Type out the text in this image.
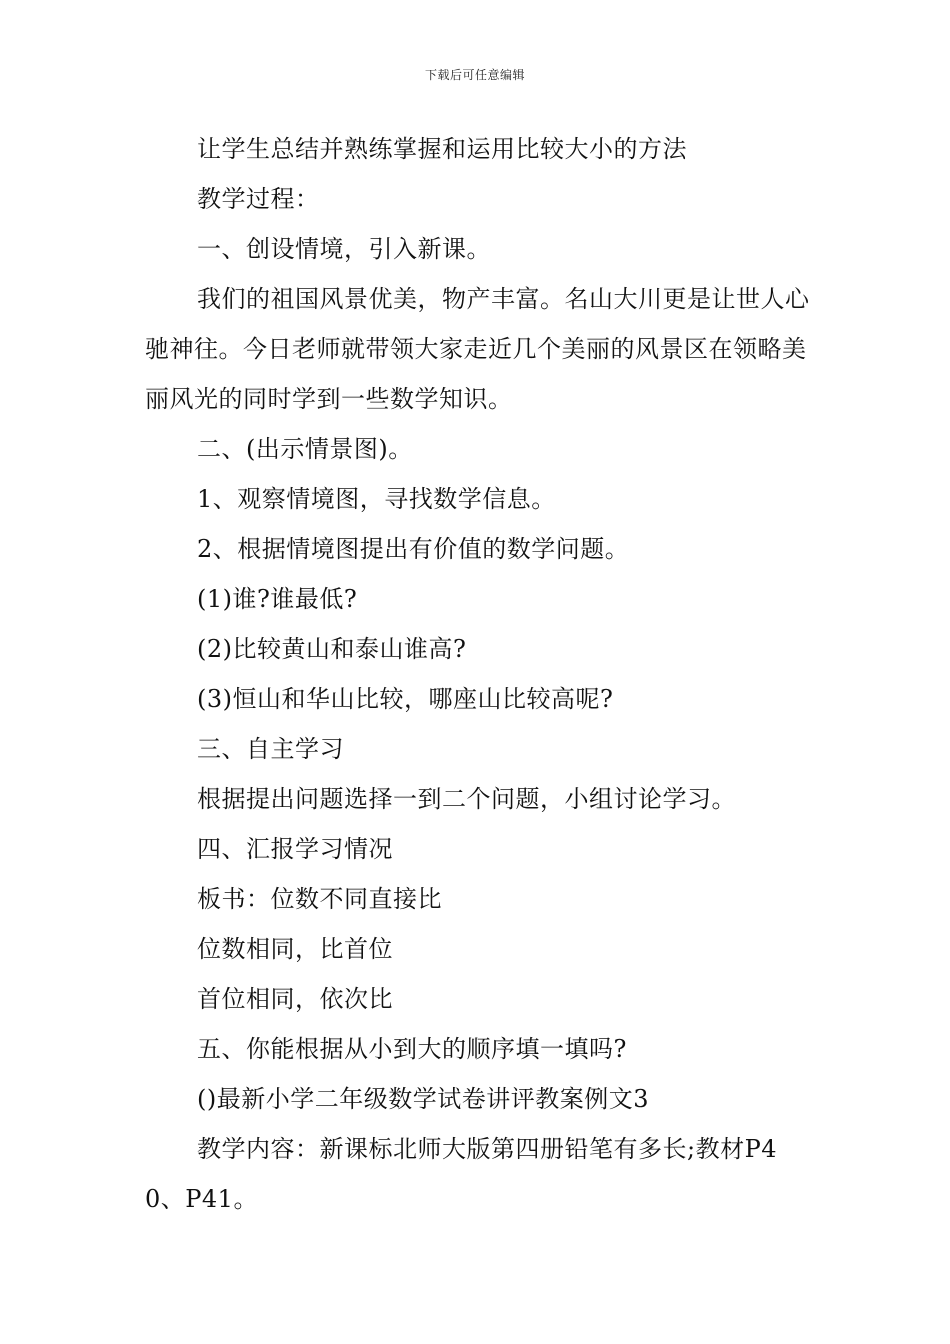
下载后可任意编辑

让学生总结并熟练掌握和运用比较大小的方法

教学过程：

一、创设情境，引入新课。

我们的祖国风景优美，物产丰富。名山大川更是让世人心驰神往。今日老师就带领大家走近几个美丽的风景区在领略美丽风光的同时学到一些数学知识。

二、(出示情景图)。

1、观察情境图，寻找数学信息。

2、根据情境图提出有价值的数学问题。

(1)谁?谁最低?

(2)比较黄山和泰山谁高?

(3)恒山和华山比较，哪座山比较高呢?

三、自主学习

根据提出问题选择一到二个问题，小组讨论学习。

四、汇报学习情况

板书：位数不同直接比

位数相同，比首位

首位相同，依次比

五、你能根据从小到大的顺序填一填吗?

()最新小学二年级数学试卷讲评教案例文3

教学内容：新课标北师大版第四册铅笔有多长;教材P40、P41。
